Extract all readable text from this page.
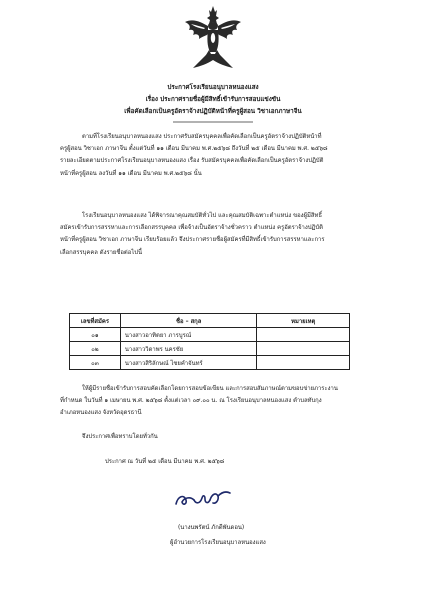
ประกาศโรงเรียนอนุบาลหนองแสง
เรื่อง ประกาศรายชื่อผู้มีสิทธิ์เข้ารับการสอบแข่งขัน
เพื่อคัดเลือกเป็นครูอัตราจ้างปฏิบัติหน้าที่ครูผู้สอน วิชาเอกภาษาจีน
ตามที่โรงเรียนอนุบาลหนองแสง ประกาศรับสมัครบุคคลเพื่อคัดเลือกเป็นครูอัตราจ้างปฏิบัติหน้าที่
ครูผู้สอน วิชาเอก ภาษาจีน ตั้งแต่วันที่ ๑๑ เดือน มีนาคม พ.ศ.๒๕๖๘ ถึงวันที่ ๒๕ เดือน มีนาคม พ.ศ. ๒๕๖๘
รายละเอียดตามประกาศโรงเรียนอนุบาลหนองแสง เรื่อง รับสมัครบุคคลเพื่อคัดเลือกเป็นครูอัตราจ้างปฏิบัติ
หน้าที่ครูผู้สอน ลงวันที่ ๑๑ เดือน มีนาคม พ.ศ.๒๕๖๘ นั้น
โรงเรียนอนุบาลหนองแสง ได้พิจารณาคุณสมบัติทั่วไป และคุณสมบัติเฉพาะตำแหน่ง ของผู้มีสิทธิ์
สมัครเข้ารับการสรรหาและการเลือกสรรบุคคล เพื่อจ้างเป็นอัตราจ้างชั่วคราว ตำแหน่ง ครูอัตราจ้างปฏิบัติ
หน้าที่ครูผู้สอน วิชาเอก ภาษาจีน เรียบร้อยแล้ว จึงประกาศรายชื่อผู้สมัครที่มีสิทธิ์เข้ารับการสรรหาและการ
เลือกสรรบุคคล ดังรายชื่อต่อไปนี้
เลขที่สมัคร	ชื่อ – สกุล	หมายเหตุ
๐๑	นางสาวอาทิตยา ภารบูรณ์	
๐๒	นางสาววิดาพร นครชัย	
๐๓	นางสาวสิริลักษณ์ ไชยคำจันทร์	
ให้ผู้มีรายชื่อเข้ารับการสอบคัดเลือกโดยการสอบข้อเขียน และการสอบสัมภาษณ์ตามขอบข่ายภาระงาน
ที่กำหนด ในวันที่ ๑ เมษายน พ.ศ. ๒๕๖๘ ตั้งแต่เวลา ๐๙.๐๐ น. ณ โรงเรียนอนุบาลหนองแสง ตำบลทับกุง
อำเภอหนองแสง จังหวัดอุดรธานี
จึงประกาศเพื่อทราบโดยทั่วกัน
ประกาศ ณ วันที่ ๒๕ เดือน มีนาคม พ.ศ. ๒๕๖๘
(นางนพรัตน์ ภักดีพันดอน)
ผู้อำนวยการโรงเรียนอนุบาลหนองแสง
